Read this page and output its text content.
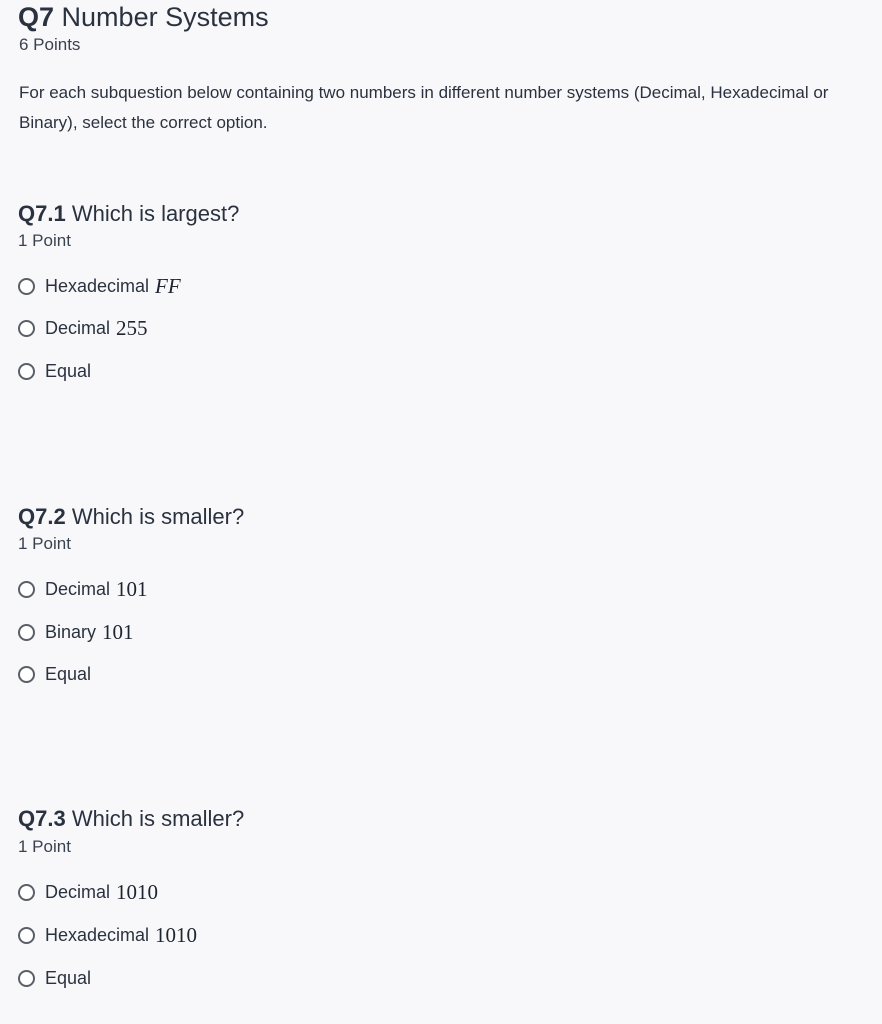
Q7 Number Systems
6 Points
For each subquestion below containing two numbers in different number systems (Decimal, Hexadecimal or Binary), select the correct option.
Q7.1 Which is largest?
1 Point
Hexadecimal FF
Decimal 255
Equal
Q7.2 Which is smaller?
1 Point
Decimal 101
Binary 101
Equal
Q7.3 Which is smaller?
1 Point
Decimal 1010
Hexadecimal 1010
Equal
